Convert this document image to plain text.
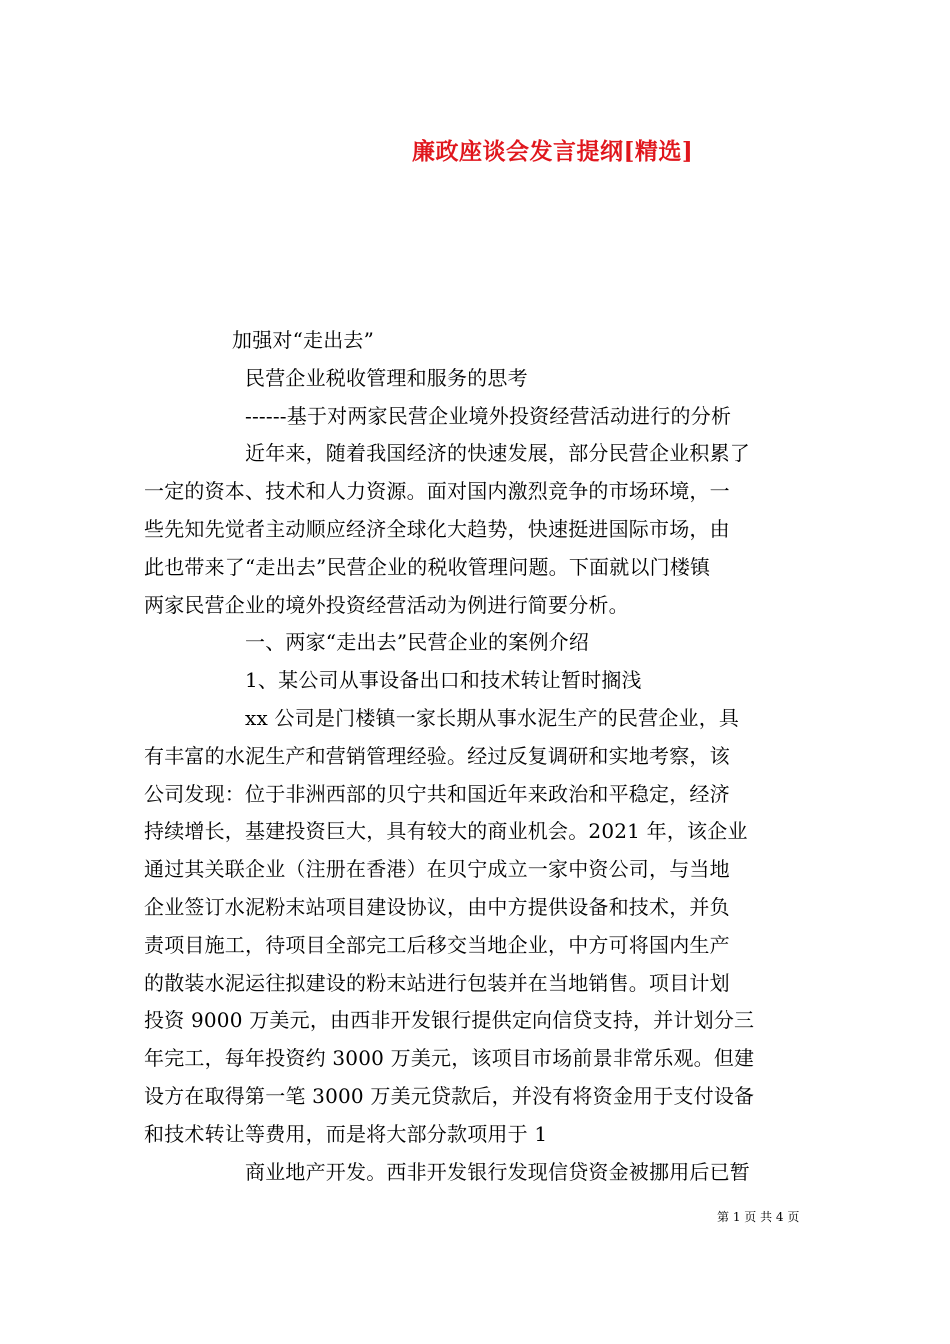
廉政座谈会发言提纲[精选]

加强对“走出去”

民营企业税收管理和服务的思考

------基于对两家民营企业境外投资经营活动进行的分析

近年来，随着我国经济的快速发展，部分民营企业积累了

一定的资本、技术和人力资源。面对国内激烈竞争的市场环境，一

些先知先觉者主动顺应经济全球化大趋势，快速挺进国际市场，由

此也带来了“走出去”民营企业的税收管理问题。下面就以门楼镇

两家民营企业的境外投资经营活动为例进行简要分析。

一、两家“走出去”民营企业的案例介绍

1、某公司从事设备出口和技术转让暂时搁浅

xx 公司是门楼镇一家长期从事水泥生产的民营企业，具

有丰富的水泥生产和营销管理经验。经过反复调研和实地考察，该

公司发现：位于非洲西部的贝宁共和国近年来政治和平稳定，经济

持续增长，基建投资巨大，具有较大的商业机会。2021 年，该企业

通过其关联企业（注册在香港）在贝宁成立一家中资公司，与当地

企业签订水泥粉末站项目建设协议，由中方提供设备和技术，并负

责项目施工，待项目全部完工后移交当地企业，中方可将国内生产

的散装水泥运往拟建设的粉末站进行包装并在当地销售。项目计划

投资 9000 万美元，由西非开发银行提供定向信贷支持，并计划分三

年完工，每年投资约 3000 万美元，该项目市场前景非常乐观。但建

设方在取得第一笔 3000 万美元贷款后，并没有将资金用于支付设备

和技术转让等费用，而是将大部分款项用于 1

商业地产开发。西非开发银行发现信贷资金被挪用后已暂

第 1 页 共 4 页
